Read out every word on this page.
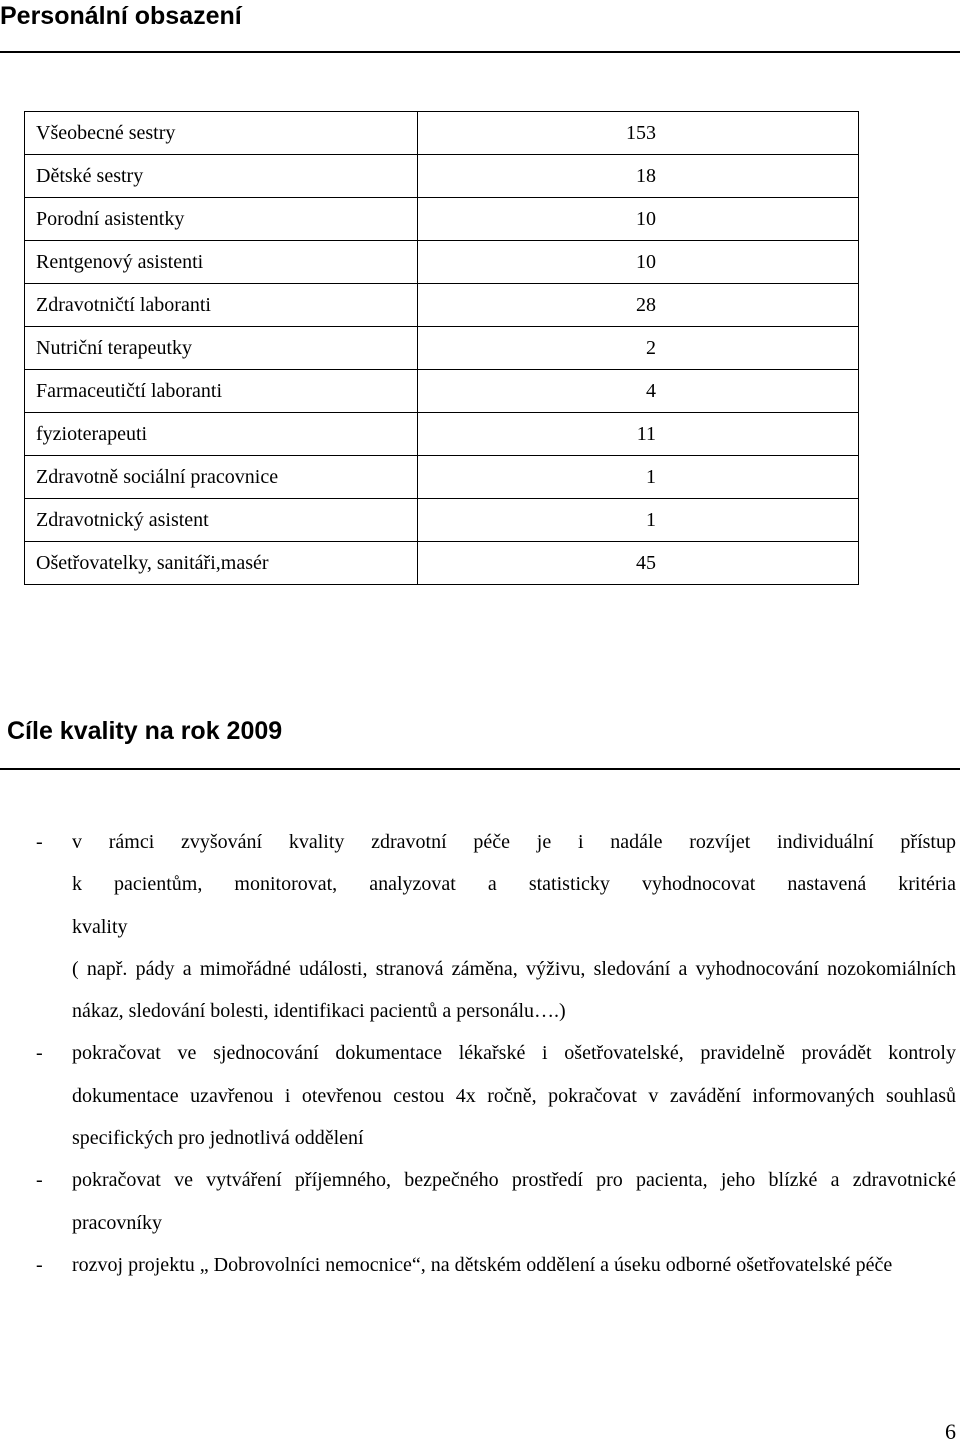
Personální obsazení
Všeobecné sestry	153
Dětské sestry	18
Porodní asistentky	10
Rentgenový asistenti	10
Zdravotničtí laboranti	28
Nutriční terapeutky	2
Farmaceutičtí laboranti	4
fyzioterapeuti	11
Zdravotně sociální pracovnice	1
Zdravotnický asistent	1
Ošetřovatelky, sanitáři,masér	45
Cíle kvality na rok 2009
- v rámci zvyšování kvality zdravotní péče je i nadále rozvíjet individuální přístup
k pacientům, monitorovat, analyzovat a statisticky vyhodnocovat nastavená kritéria
kvality
( např. pády a mimořádné události, stranová záměna, výživu, sledování a vyhodnocování nozokomiálních nákaz, sledování bolesti, identifikaci pacientů a personálu….)
- pokračovat ve sjednocování dokumentace lékařské i ošetřovatelské, pravidelně provádět kontroly dokumentace uzavřenou i otevřenou cestou 4x ročně, pokračovat v zavádění informovaných souhlasů specifických pro jednotlivá oddělení
- pokračovat ve vytváření příjemného, bezpečného prostředí pro pacienta, jeho blízké a zdravotnické pracovníky
- rozvoj projektu „ Dobrovolníci nemocnice“, na dětském oddělení a úseku odborné ošetřovatelské péče
6
